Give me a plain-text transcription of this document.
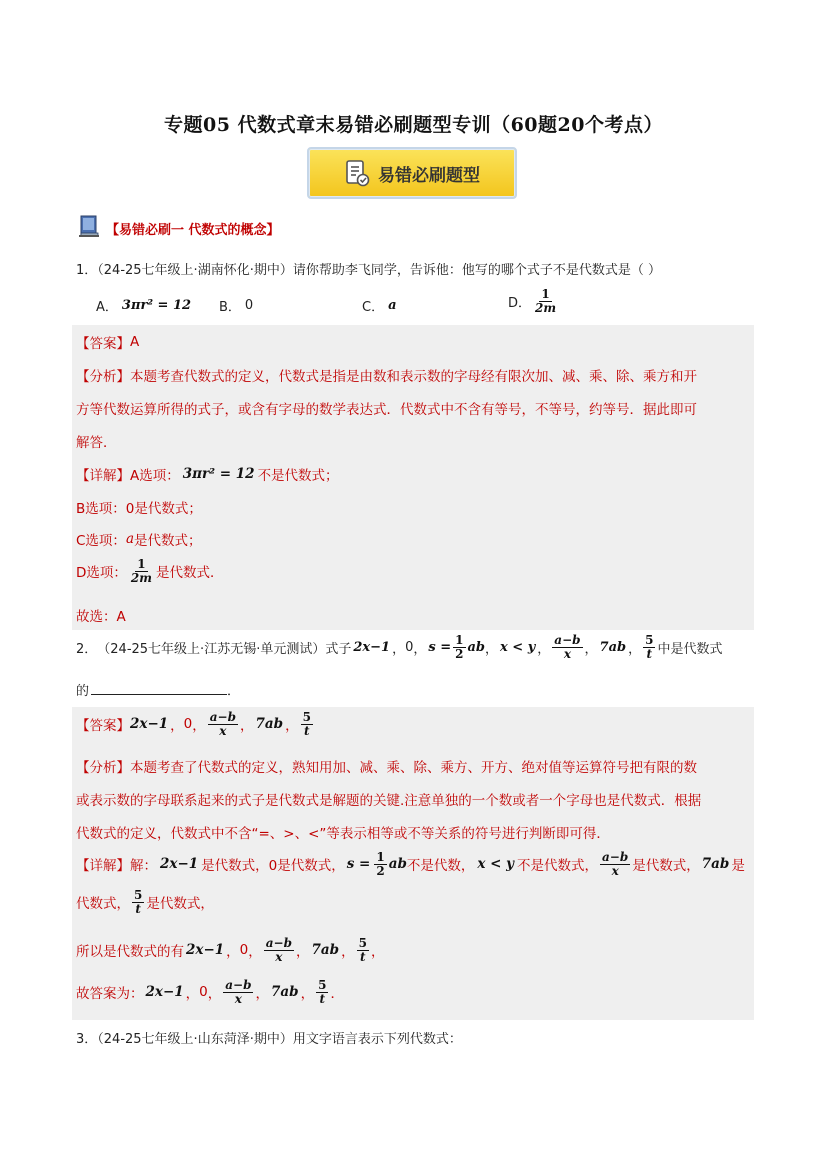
专题05 代数式章末易错必刷题型专训（60题20个考点）
易错必刷题型
【易错必刷一 代数式的概念】
1．（24-25七年级上·湖南怀化·期中）请你帮助李飞同学，告诉他：他写的哪个式子不是代数式是（ ）
A． 3πr² = 12 B． 0	C． a	D． $\frac{1}{2m}$
【答案】 A
【分析】 本题考查代数式的定义，代数式是指是由数和表示数的字母经有限次加、减、乘、除、乘方和开
方等代数运算所得的式子，或含有字母的数学表达式．代数式中不含有等号，不等号，约等号．据此即可
解答．
【详解】 A选项： 3πr² = 12 不是代数式；
B选项：0是代数式；
C选项： a 是代数式；
D选项： $\frac{1}{2m}$ 是代数式．
故选：A
2． （24-25七年级上·江苏无锡·单元测试） 式子 2x−1 ， 0 ， $s = \frac{1}{2}$ ab ， x < y ， $\frac{a-b}{x}$ ， 7ab ， $\frac{5}{t}$ 中是代数式
的	．
【答案】 2x−1 ， 0 ， $\frac{a-b}{x}$ ， 7ab ， $\frac{5}{t}$
【分析】 本题考查了代数式的定义，熟知用加、减、乘、除、乘方、开方、绝对值等运算符号把有限的数
或表示数的字母联系起来的式子是代数式是解题的关键.注意单独的一个数或者一个字母也是代数式．根据
代数式的定义，代数式中不含“=、>、<”等表示相等或不等关系的符号进行判断即可得．
【详解】 解： 2x−1 是代数式，0是代数式， $s = \frac{1}{2}$ ab 不是代数， x < y 不是代数式， $\frac{a-b}{x}$ 是代数式， 7ab 是
代数式， $\frac{5}{t}$ 是代数式，
所以是代数式的有 2x−1 ， 0 ， $\frac{a-b}{x}$ ， 7ab ， $\frac{5}{t}$ ，
故答案为： 2x−1 ， 0 ， $\frac{a-b}{x}$ ， 7ab ， $\frac{5}{t}$ ．
3．（24-25七年级上·山东菏泽·期中）用文字语言表示下列代数式：
